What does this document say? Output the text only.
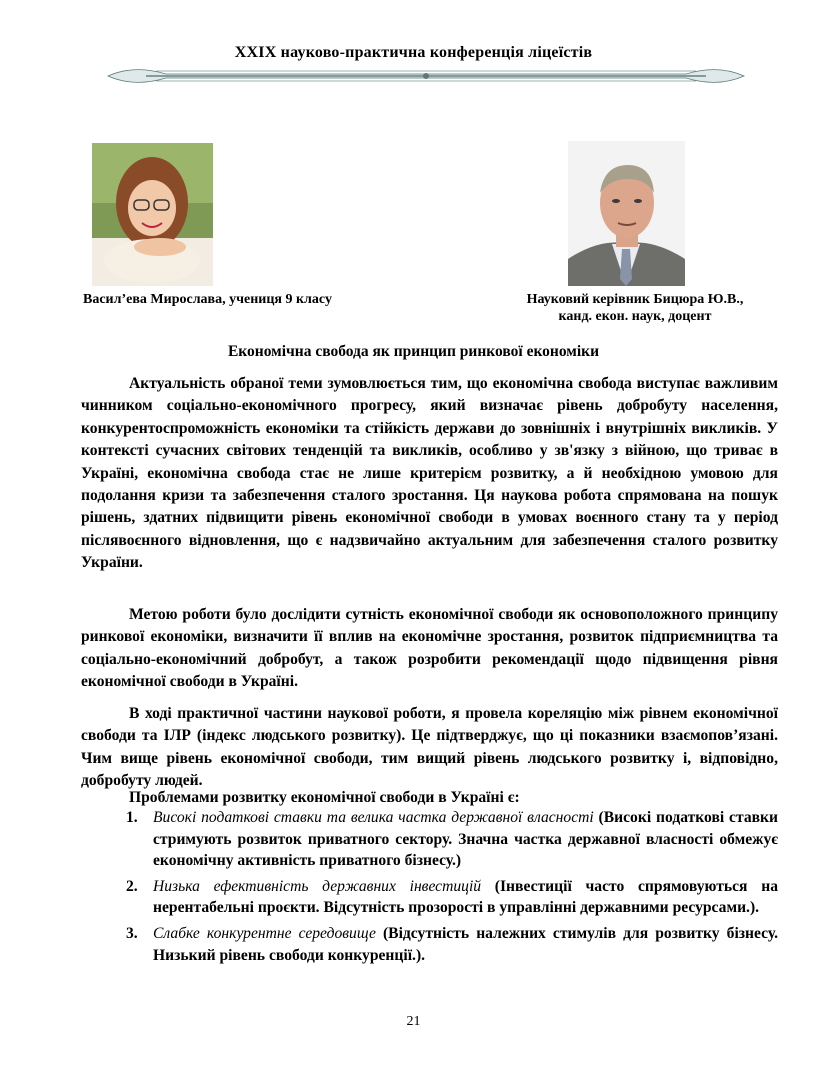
XXIX науково-практична конференція ліцеїстів
Васил’ева Мирослава, учениця 9 класу	Науковий керівник Бицюра Ю.В.,
канд. екон. наук, доцент
Економічна свобода як принцип ринкової економіки

Актуальність обраної теми зумовлюється тим, що економічна свобода виступає важливим чинником соціально-економічного прогресу, який визначає рівень добробуту населення, конкурентоспроможність економіки та стійкість держави до зовнішніх і внутрішніх викликів. У контексті сучасних світових тенденцій та викликів, особливо у зв'язку з війною, що триває в Україні, економічна свобода стає не лише критерієм розвитку, а й необхідною умовою для подолання кризи та забезпечення сталого зростання. Ця наукова робота спрямована на пошук рішень, здатних підвищити рівень економічної свободи в умовах воєнного стану та у період післявоєнного відновлення, що є надзвичайно актуальним для забезпечення сталого розвитку України.

Метою роботи було дослідити сутність економічної свободи як основоположного принципу ринкової економіки, визначити її вплив на економічне зростання, розвиток підприємництва та соціально-економічний добробут, а також розробити рекомендації щодо підвищення рівня економічної свободи в Україні.

В ході практичної частини наукової роботи, я провела кореляцію між рівнем економічної свободи та ІЛР (індекс людського розвитку). Це підтверджує, що ці показники взаємопов’язані. Чим вище рівень економічної свободи, тим вищий рівень людського розвитку і, відповідно, добробуту людей.

Проблемами розвитку економічної свободи в Україні є:
1. Високі податкові ставки та велика частка державної власності (Високі податкові ставки стримують розвиток приватного сектору. Значна частка державної власності обмежує економічну активність приватного бізнесу.)
2. Низька ефективність державних інвестицій (Інвестиції часто спрямовуються на нерентабельні проєкти. Відсутність прозорості в управлінні державними ресурсами.).
3. Слабке конкурентне середовище (Відсутність належних стимулів для розвитку бізнесу. Низький рівень свободи конкуренції.).
21
